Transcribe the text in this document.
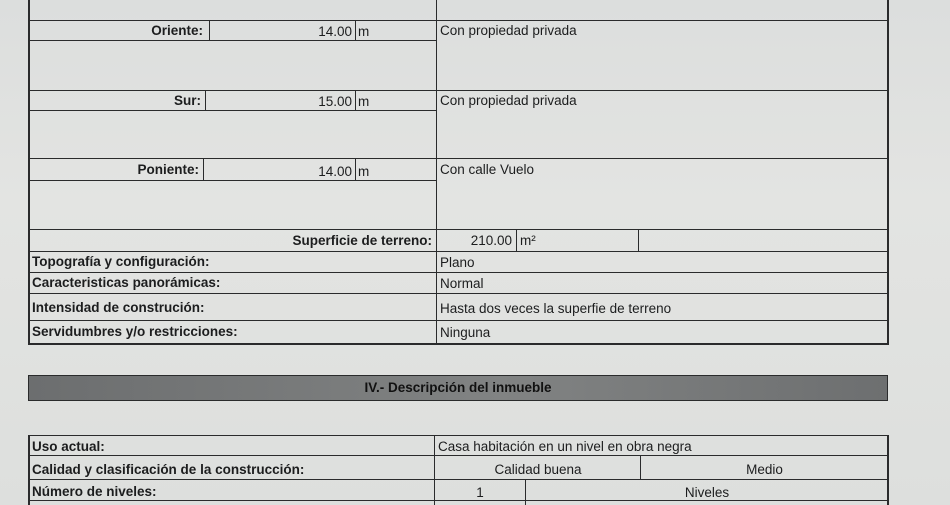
Oriente:	14.00 m	Con propiedad privada
Sur:	15.00 m	Con propiedad privada
Poniente:	14.00 m	Con calle Vuelo
Superficie de terreno:	210.00 m²
Topografía y configuración:	Plano
Caracteristicas panorámicas:	Normal
Intensidad de construción:	Hasta dos veces la superfie de terreno
Servidumbres y/o restricciones:	Ninguna
IV.- Descripción del inmueble
Uso actual:	Casa habitación en un nivel en obra negra
Calidad y clasificación de la construcción:	Calidad buena	Medio
Número de niveles:	1	Niveles
